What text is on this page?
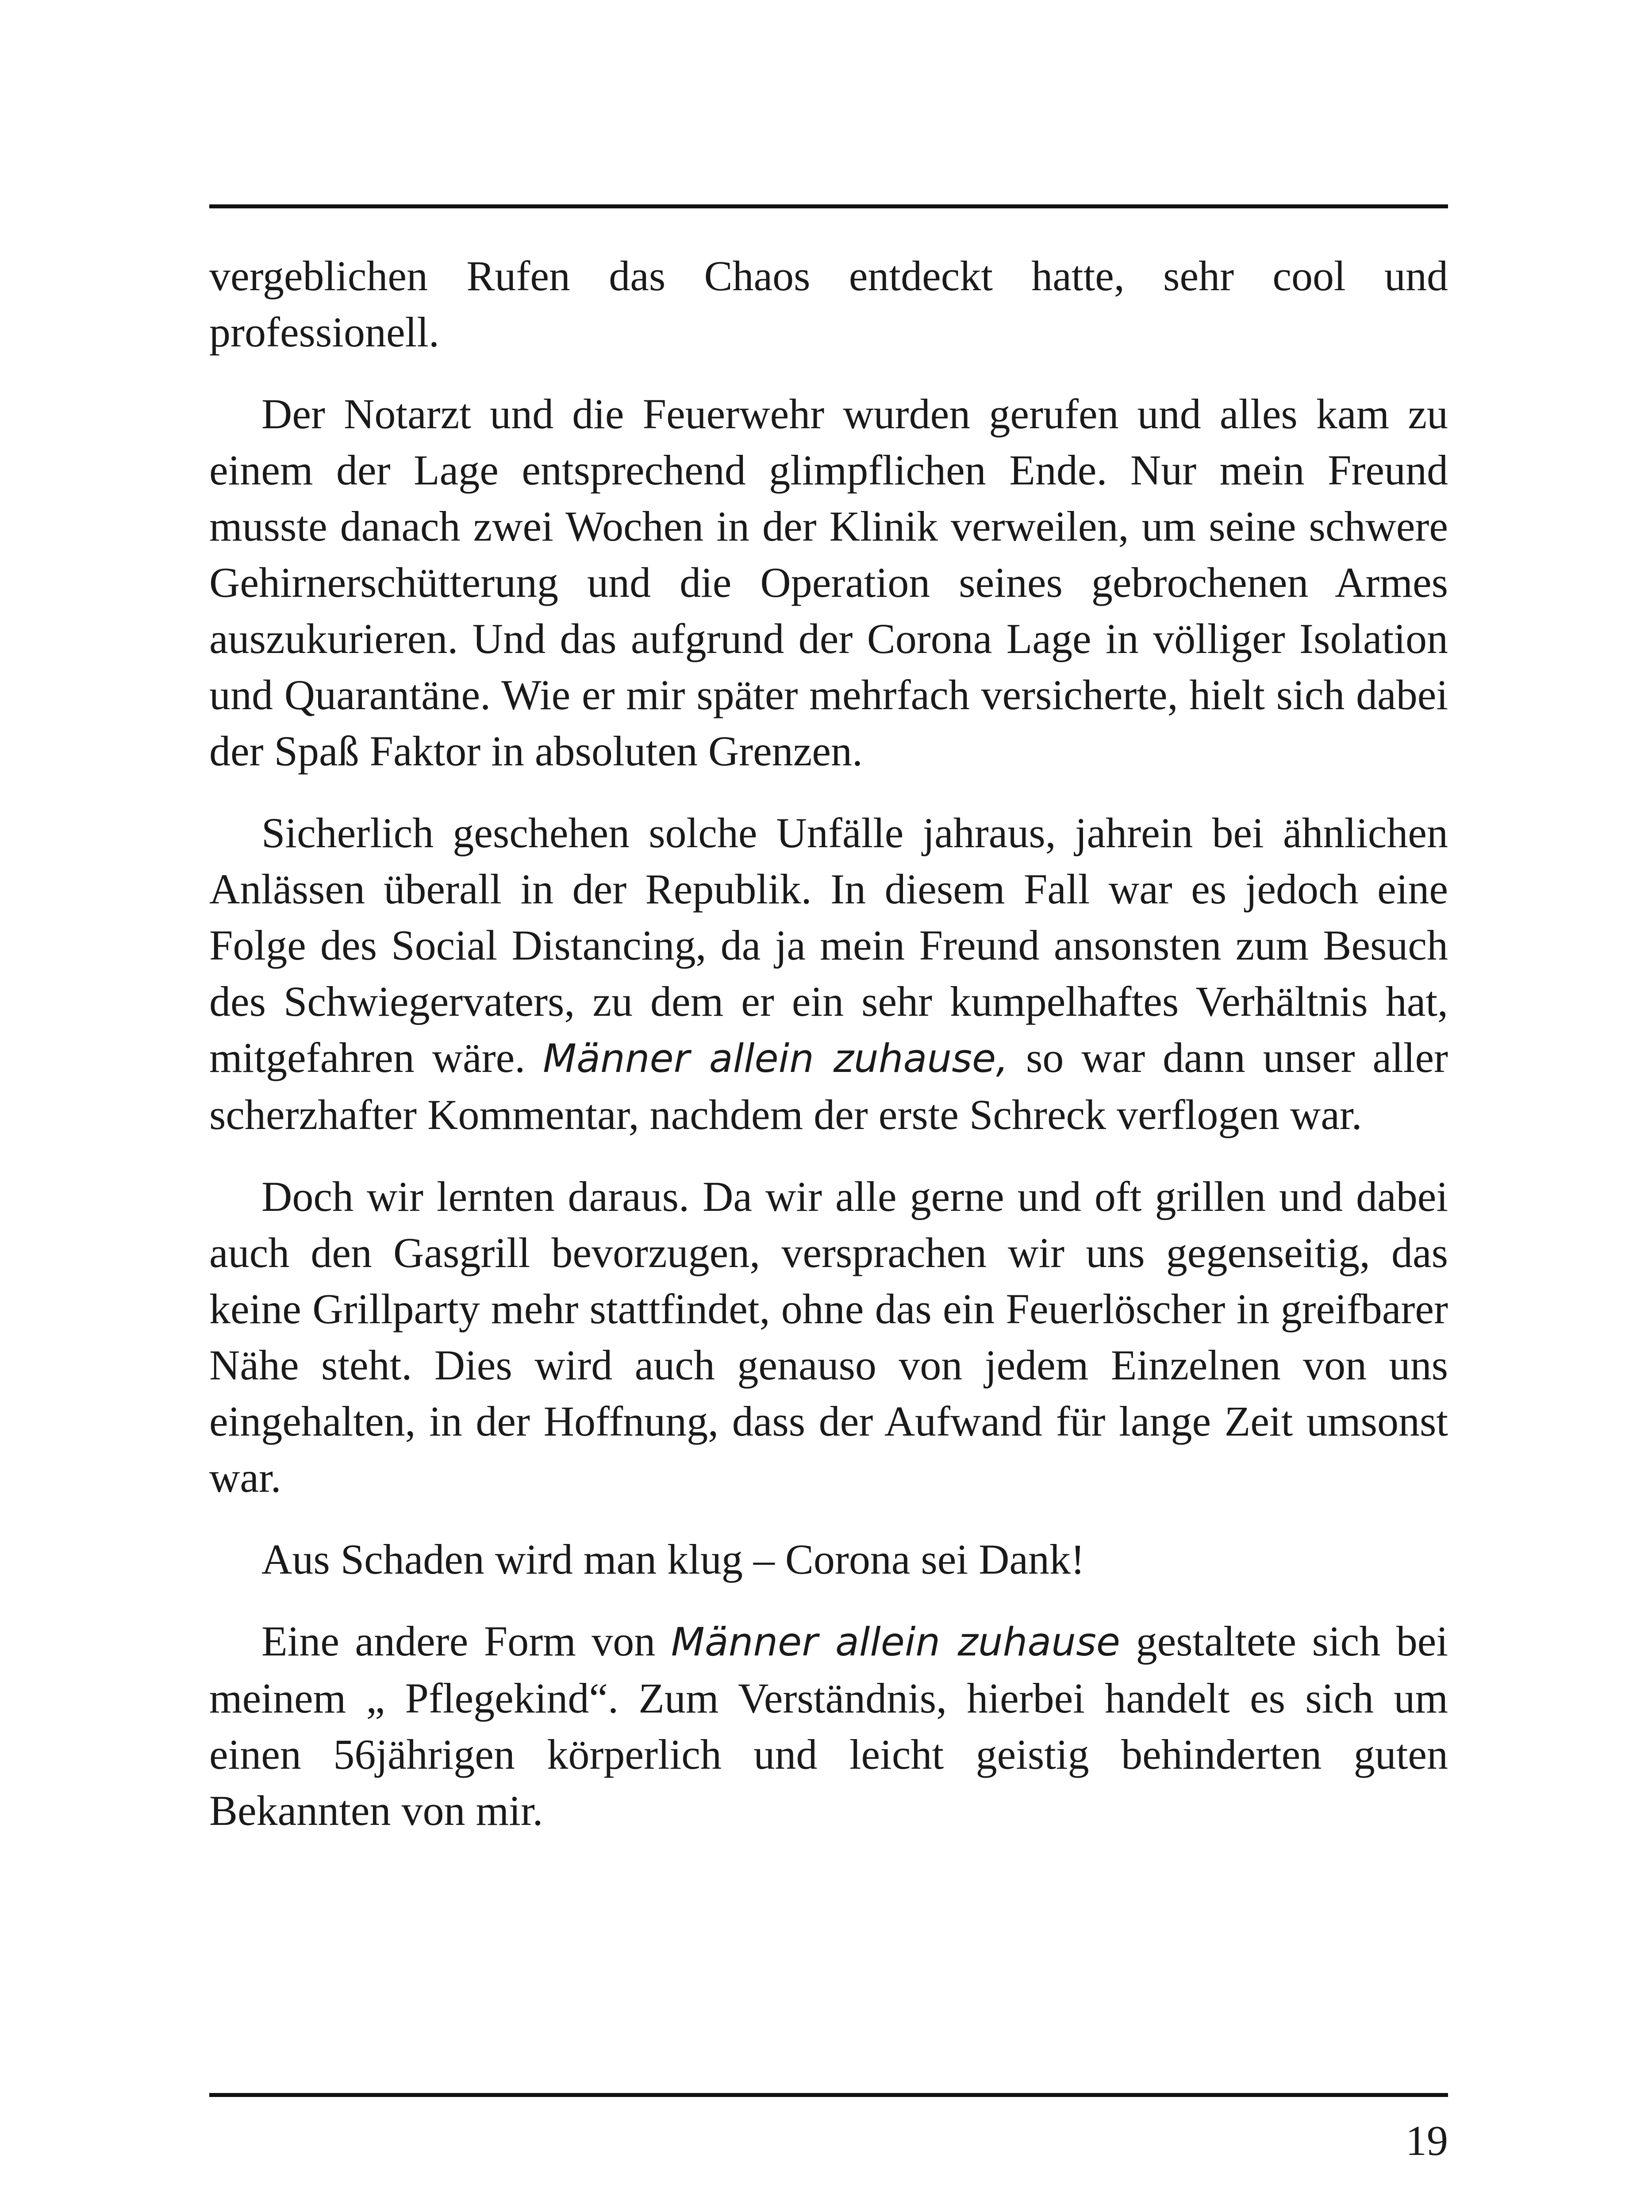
vergeblichen Rufen das Chaos entdeckt hatte, sehr cool und professionell.

Der Notarzt und die Feuerwehr wurden gerufen und alles kam zu einem der Lage entsprechend glimpflichen Ende. Nur mein Freund musste danach zwei Wochen in der Klinik verweilen, um seine schwere Gehirnerschütterung und die Operation seines gebrochenen Armes auszukurieren. Und das aufgrund der Corona Lage in völliger Isolation und Quarantäne. Wie er mir später mehrfach versicherte, hielt sich dabei der Spaß Faktor in absoluten Grenzen.

Sicherlich geschehen solche Unfälle jahraus, jahrein bei ähnlichen Anlässen überall in der Republik. In diesem Fall war es jedoch eine Folge des Social Distancing, da ja mein Freund ansonsten zum Besuch des Schwiegervaters, zu dem er ein sehr kumpelhaftes Verhältnis hat, mitgefahren wäre. Männer allein zuhause, so war dann unser aller scherzhafter Kommentar, nachdem der erste Schreck verflogen war.

Doch wir lernten daraus. Da wir alle gerne und oft grillen und dabei auch den Gasgrill bevorzugen, versprachen wir uns gegenseitig, das keine Grillparty mehr stattfindet, ohne das ein Feuerlöscher in greifbarer Nähe steht. Dies wird auch genauso von jedem Einzelnen von uns eingehalten, in der Hoffnung, dass der Aufwand für lange Zeit umsonst war.

Aus Schaden wird man klug – Corona sei Dank!

Eine andere Form von Männer allein zuhause gestaltete sich bei meinem „ Pflegekind“. Zum Verständnis, hierbei handelt es sich um einen 56jährigen körperlich und leicht geistig behinderten guten Bekannten von mir.

19
